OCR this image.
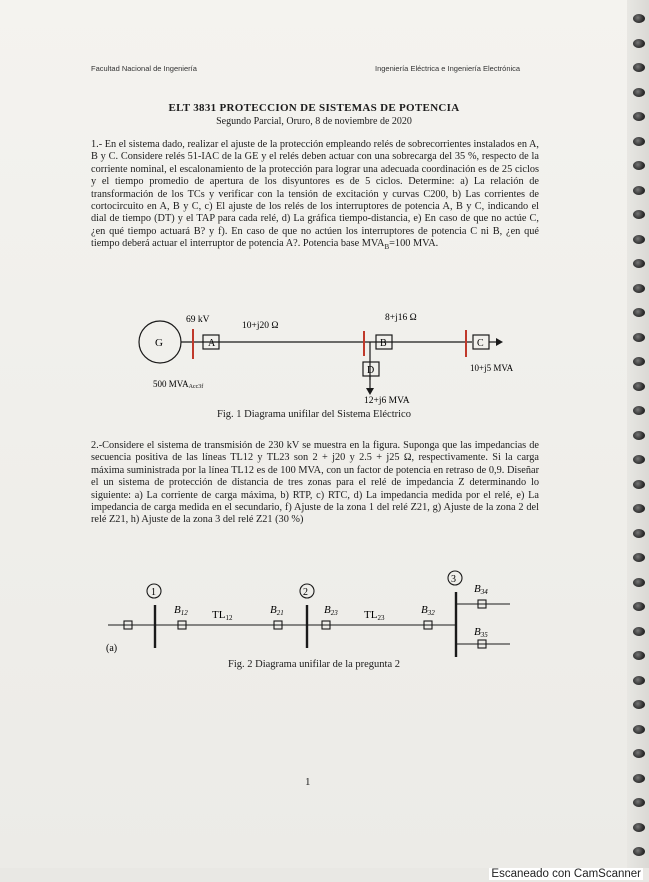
Facultad Nacional de Ingeniería	Ingeniería Eléctrica e Ingeniería Electrónica
ELT 3831 PROTECCION DE SISTEMAS DE POTENCIA
Segundo Parcial, Oruro, 8 de noviembre de 2020
1.- En el sistema dado, realizar el ajuste de la protección empleando relés de sobrecorrientes instalados en A, B y C. Considere relés 51-IAC de la GE y el relés deben actuar con una sobrecarga del 35 %, respecto de la corriente nominal, el escalonamiento de la protección para lograr una adecuada coordinación es de 25 ciclos y el tiempo promedio de apertura de los disyuntores es de 5 ciclos. Determine: a) La relación de transformación de los TCs y verificar con la tensión de excitación y curvas C200, b) Las corrientes de cortocircuito en A, B y C, c) El ajuste de los relés de los interruptores de potencia A, B y C, indicando el dial de tiempo (DT) y el TAP para cada relé, d) La gráfica tiempo-distancia, e) En caso de que no actúe C, ¿en qué tiempo actuará B? y f). En caso de que no actúen los interruptores de potencia C ni B, ¿en qué tiempo deberá actuar el interruptor de potencia A?. Potencia base $MVA_B=100$ MVA.
G	A	B	C
D
69 kV
10+j20 Ω
8+j16 Ω
10+j5 MVA
12+j6 MVA
500 MVAAcc3f
Fig. 1 Diagrama unifilar del Sistema Eléctrico
2.-Considere el sistema de transmisión de 230 kV se muestra en la figura. Suponga que las impedancias de secuencia positiva de las líneas TL12 y TL23 son 2 + j20 y 2.5 + j25 Ω, respectivamente. Si la carga máxima suministrada por la línea TL12 es de 100 MVA, con un factor de potencia en retraso de 0,9. Diseñar el un sistema de protección de distancia de tres zonas para el relé de impedancia Z determinando lo siguiente: a) La corriente de carga máxima, b) RTP, c) RTC, d) La impedancia medida por el relé, e) La impedancia de carga medida en el secundario, f) Ajuste de la zona 1 del relé Z21, g) Ajuste de la zona 2 del relé Z21, h) Ajuste de la zona 3 del relé Z21 (30 %)
1	2
3
B12	B21	B23	B32
B34
B35
TL12	TL23
(a)
Fig. 2 Diagrama unifilar de la pregunta 2
1
Escaneado con CamScanner
